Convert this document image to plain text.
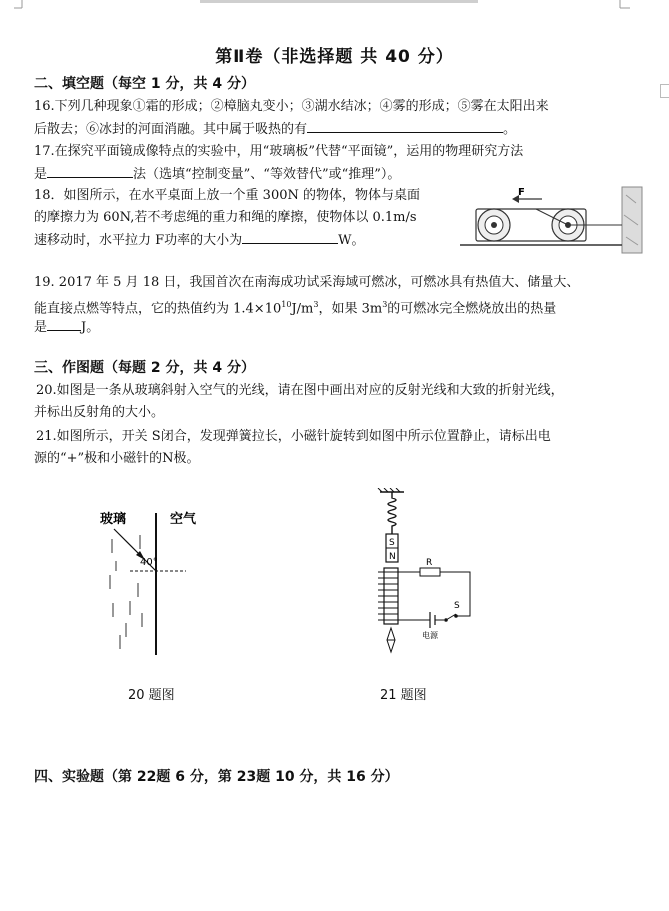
第Ⅱ卷（非选择题 共 40 分）
二、填空题（每空 1 分，共 4 分）
16.下列几种现象①霜的形成；②樟脑丸变小；③湖水结冰；④雾的形成；⑤雾在太阳出来
后散去；⑥冰封的河面消融。其中属于吸热的有	。
17.在探究平面镜成像特点的实验中，用“玻璃板”代替“平面镜”，运用的物理研究方法
是	法（选填“控制变量”、“等效替代”或“推理”）。
18．如图所示，在水平桌面上放一个重 300N 的物体，物体与桌面
的摩擦力为 60N,若不考虑绳的重力和绳的摩擦，使物体以 0.1m/s
速移动时，水平拉力 F功率的大小为	W。
F
19. 2017 年 5 月 18 日，我国首次在南海成功试采海域可燃冰，可燃冰具有热值大、储量大、
能直接点燃等特点，它的热值约为 $1.4\times 10^{10}J/m^3$，如果 $3m^3$的可燃冰完全燃烧放出的热量
是	J。
三、作图题（每题 2 分，共 4 分）
20.如图是一条从玻璃斜射入空气的光线，请在图中画出对应的反射光线和大致的折射光线，
并标出反射角的大小。
21.如图所示，开关 S闭合，发现弹簧拉长，小磁针旋转到如图中所示位置静止，请标出电
源的“+”极和小磁针的N极。
玻璃	空气
40°
20 题图
S
N
R
电源
S
21 题图
四、实验题（第 22题 6 分，第 23题 10 分，共 16 分）
